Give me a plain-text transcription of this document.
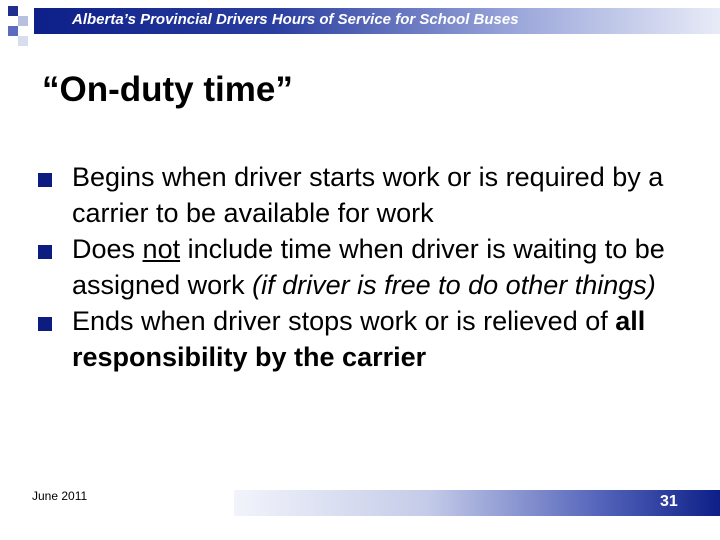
Alberta’s Provincial Drivers Hours of Service for School Buses
“On-duty time”
Begins when driver starts work or is required by a carrier to be available for work
Does not include time when driver is waiting to be assigned work (if driver is free to do other things)
Ends when driver stops work or is relieved of all responsibility by the carrier
June 2011	31
